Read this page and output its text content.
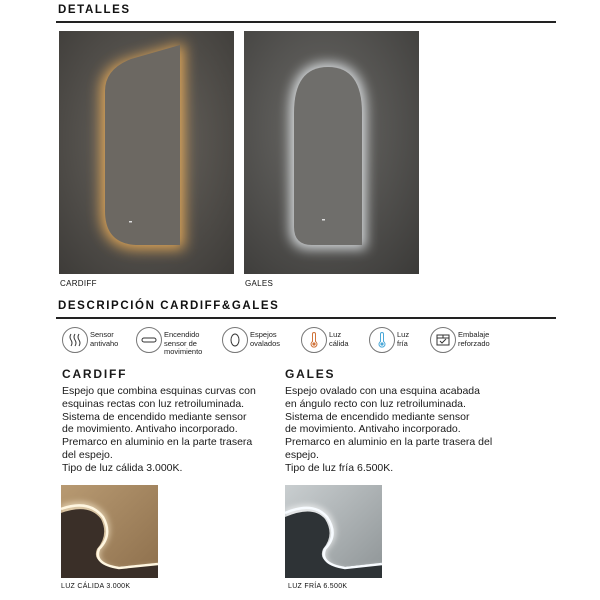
DETALLES
CARDIFF	GALES
DESCRIPCIÓN CARDIFF&GALES
Sensor
antivaho
Encendido
sensor de
movimiento
Espejos
ovalados
Luz
cálida
Luz
fría
Embalaje
reforzado
CARDIFF
Espejo que combina esquinas curvas con
esquinas rectas con luz retroiluminada.
Sistema de encendido mediante sensor
de movimiento. Antivaho incorporado.
Premarco en aluminio en la parte trasera
del espejo.
Tipo de luz cálida 3.000K.
GALES
Espejo ovalado con una esquina acabada
en ángulo recto con luz retroiluminada.
Sistema de encendido mediante sensor
de movimiento. Antivaho incorporado.
Premarco en aluminio en la parte trasera del
espejo.
Tipo de luz fría 6.500K.
LUZ CÁLIDA 3.000K	LUZ FRÍA 6.500K
